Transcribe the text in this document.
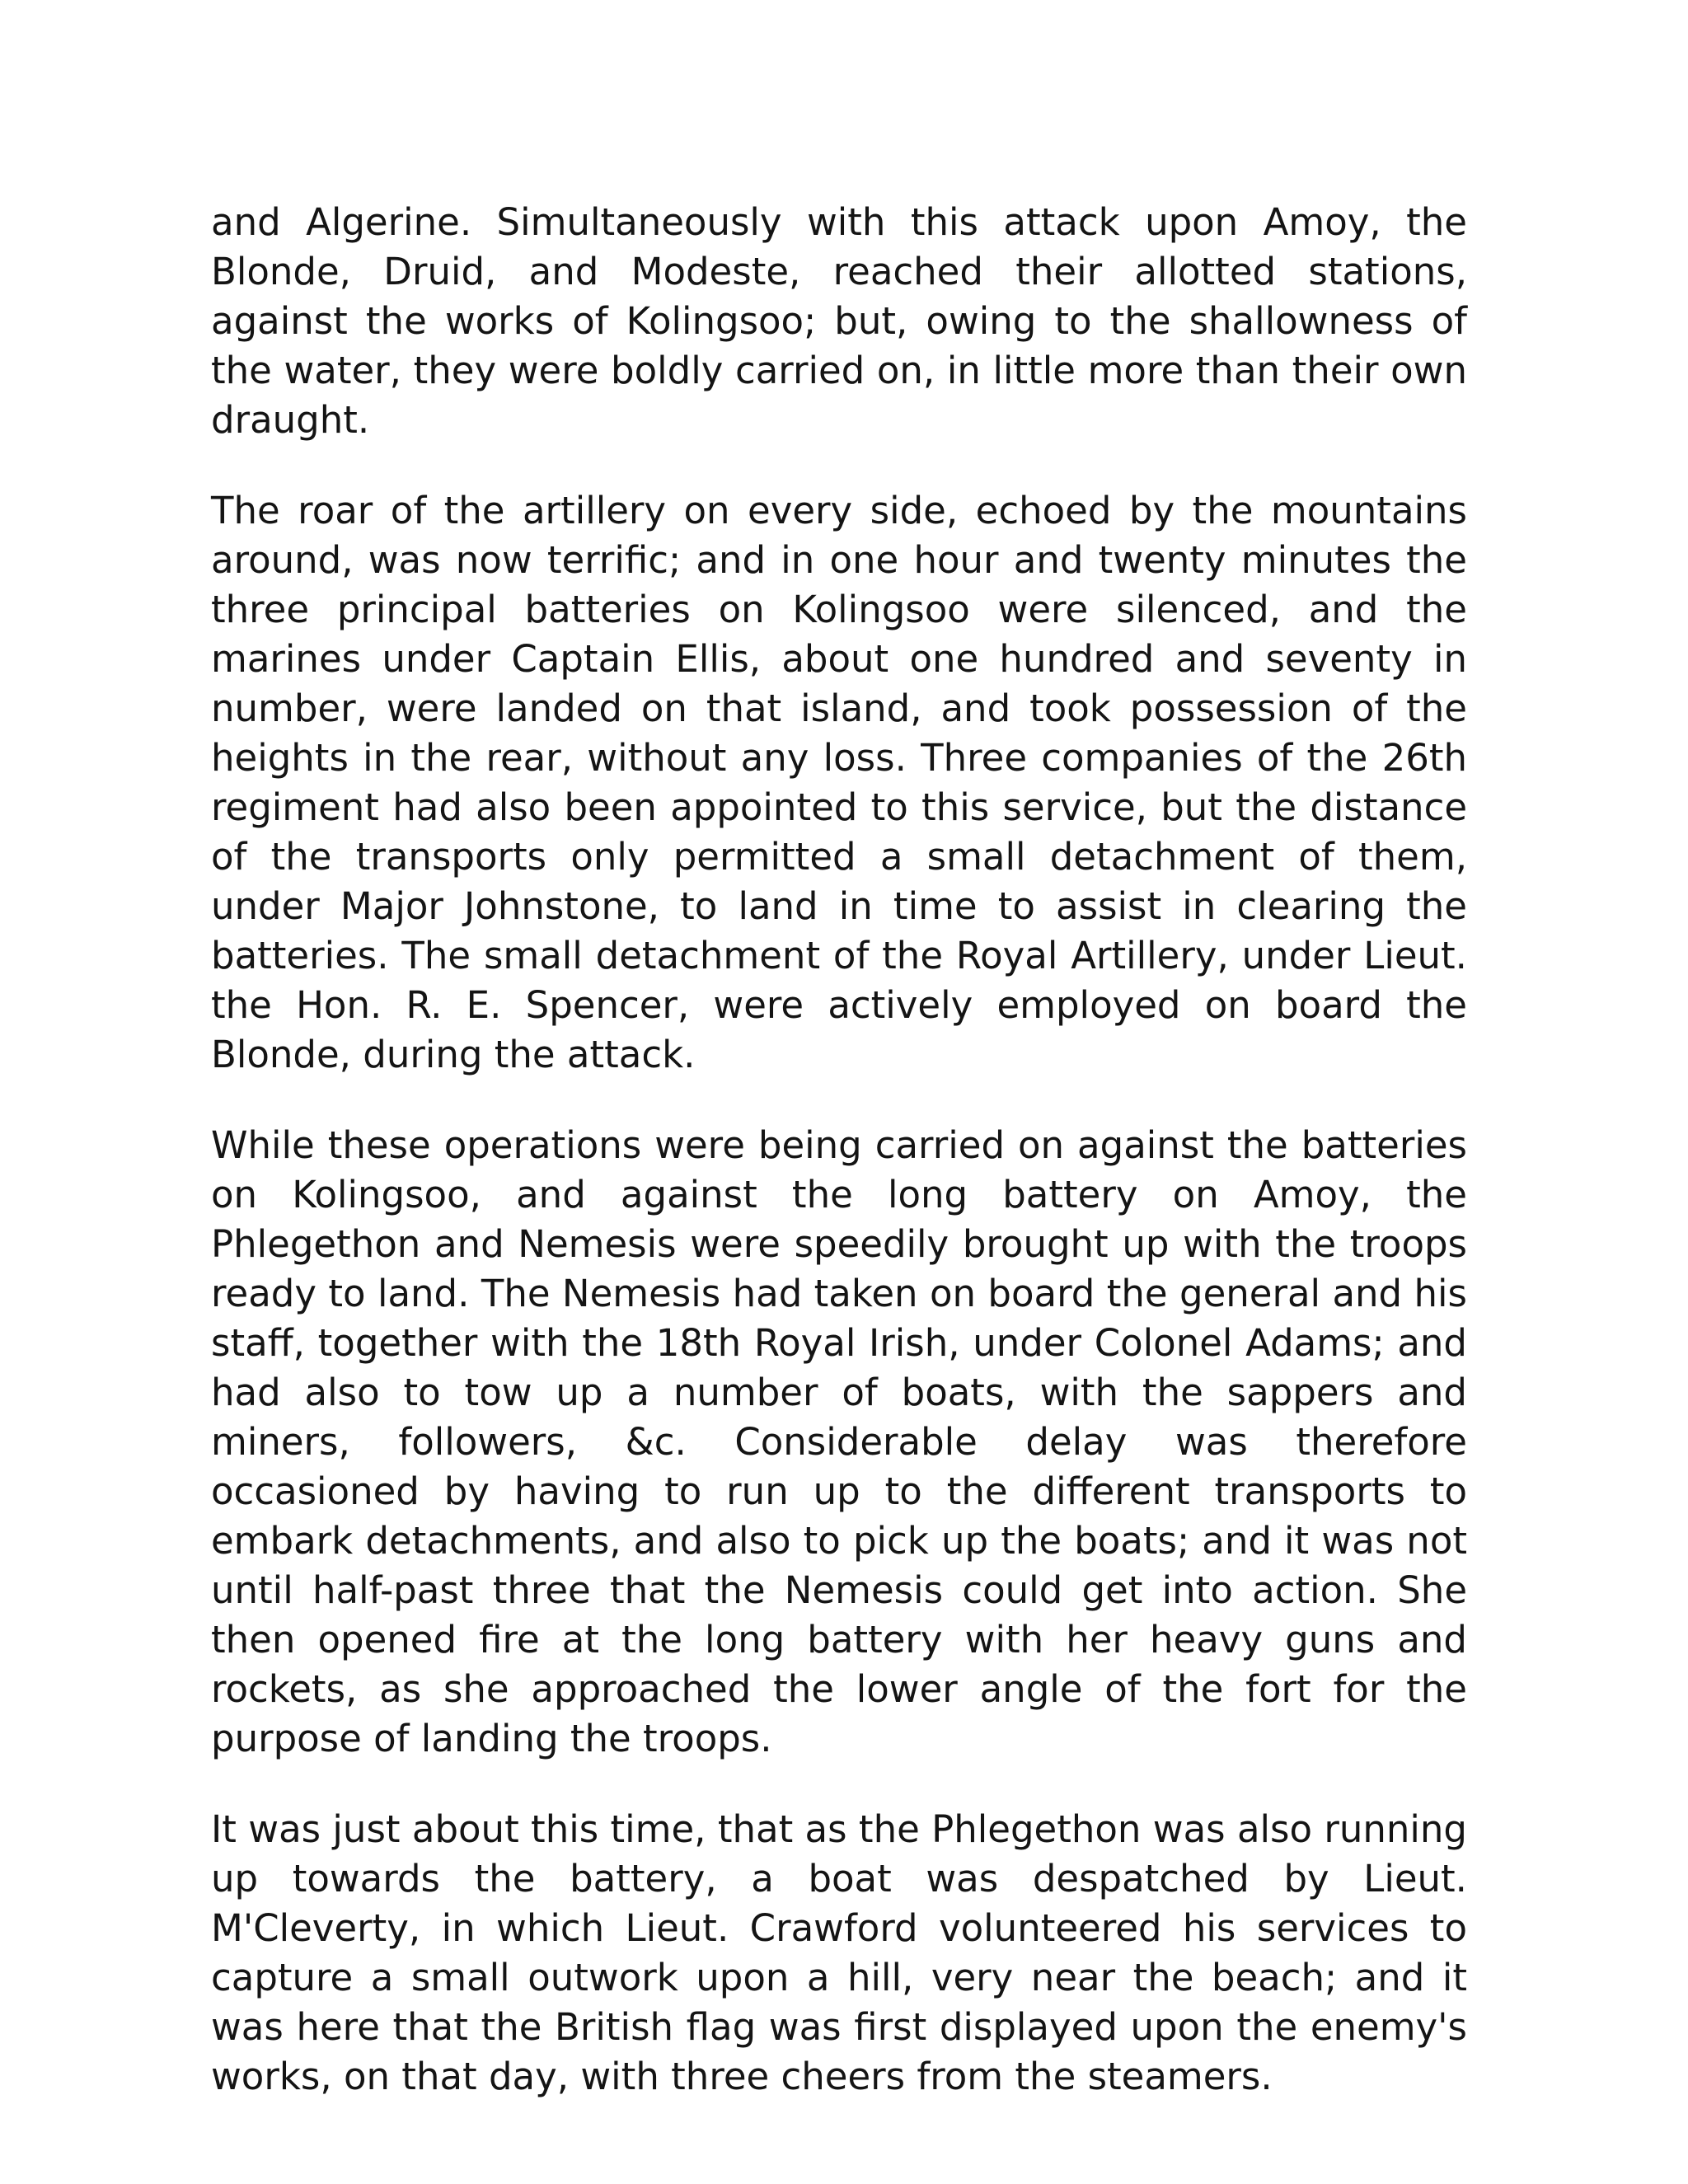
and Algerine. Simultaneously with this attack upon Amoy, the Blonde, Druid, and Modeste, reached their allotted stations, against the works of Kolingsoo; but, owing to the shallowness of the water, they were boldly carried on, in little more than their own draught.

The roar of the artillery on every side, echoed by the mountains around, was now terrific; and in one hour and twenty minutes the three principal batteries on Kolingsoo were silenced, and the marines under Captain Ellis, about one hundred and seventy in number, were landed on that island, and took possession of the heights in the rear, without any loss. Three companies of the 26th regiment had also been appointed to this service, but the distance of the transports only permitted a small detachment of them, under Major Johnstone, to land in time to assist in clearing the batteries. The small detachment of the Royal Artillery, under Lieut. the Hon. R. E. Spencer, were actively employed on board the Blonde, during the attack.

While these operations were being carried on against the batteries on Kolingsoo, and against the long battery on Amoy, the Phlegethon and Nemesis were speedily brought up with the troops ready to land. The Nemesis had taken on board the general and his staff, together with the 18th Royal Irish, under Colonel Adams; and had also to tow up a number of boats, with the sappers and miners, followers, &c. Considerable delay was therefore occasioned by having to run up to the different transports to embark detachments, and also to pick up the boats; and it was not until half-past three that the Nemesis could get into action. She then opened fire at the long battery with her heavy guns and rockets, as she approached the lower angle of the fort for the purpose of landing the troops.

It was just about this time, that as the Phlegethon was also running up towards the battery, a boat was despatched by Lieut. M'Cleverty, in which Lieut. Crawford volunteered his services to capture a small outwork upon a hill, very near the beach; and it was here that the British flag was first displayed upon the enemy's works, on that day, with three cheers from the steamers.
